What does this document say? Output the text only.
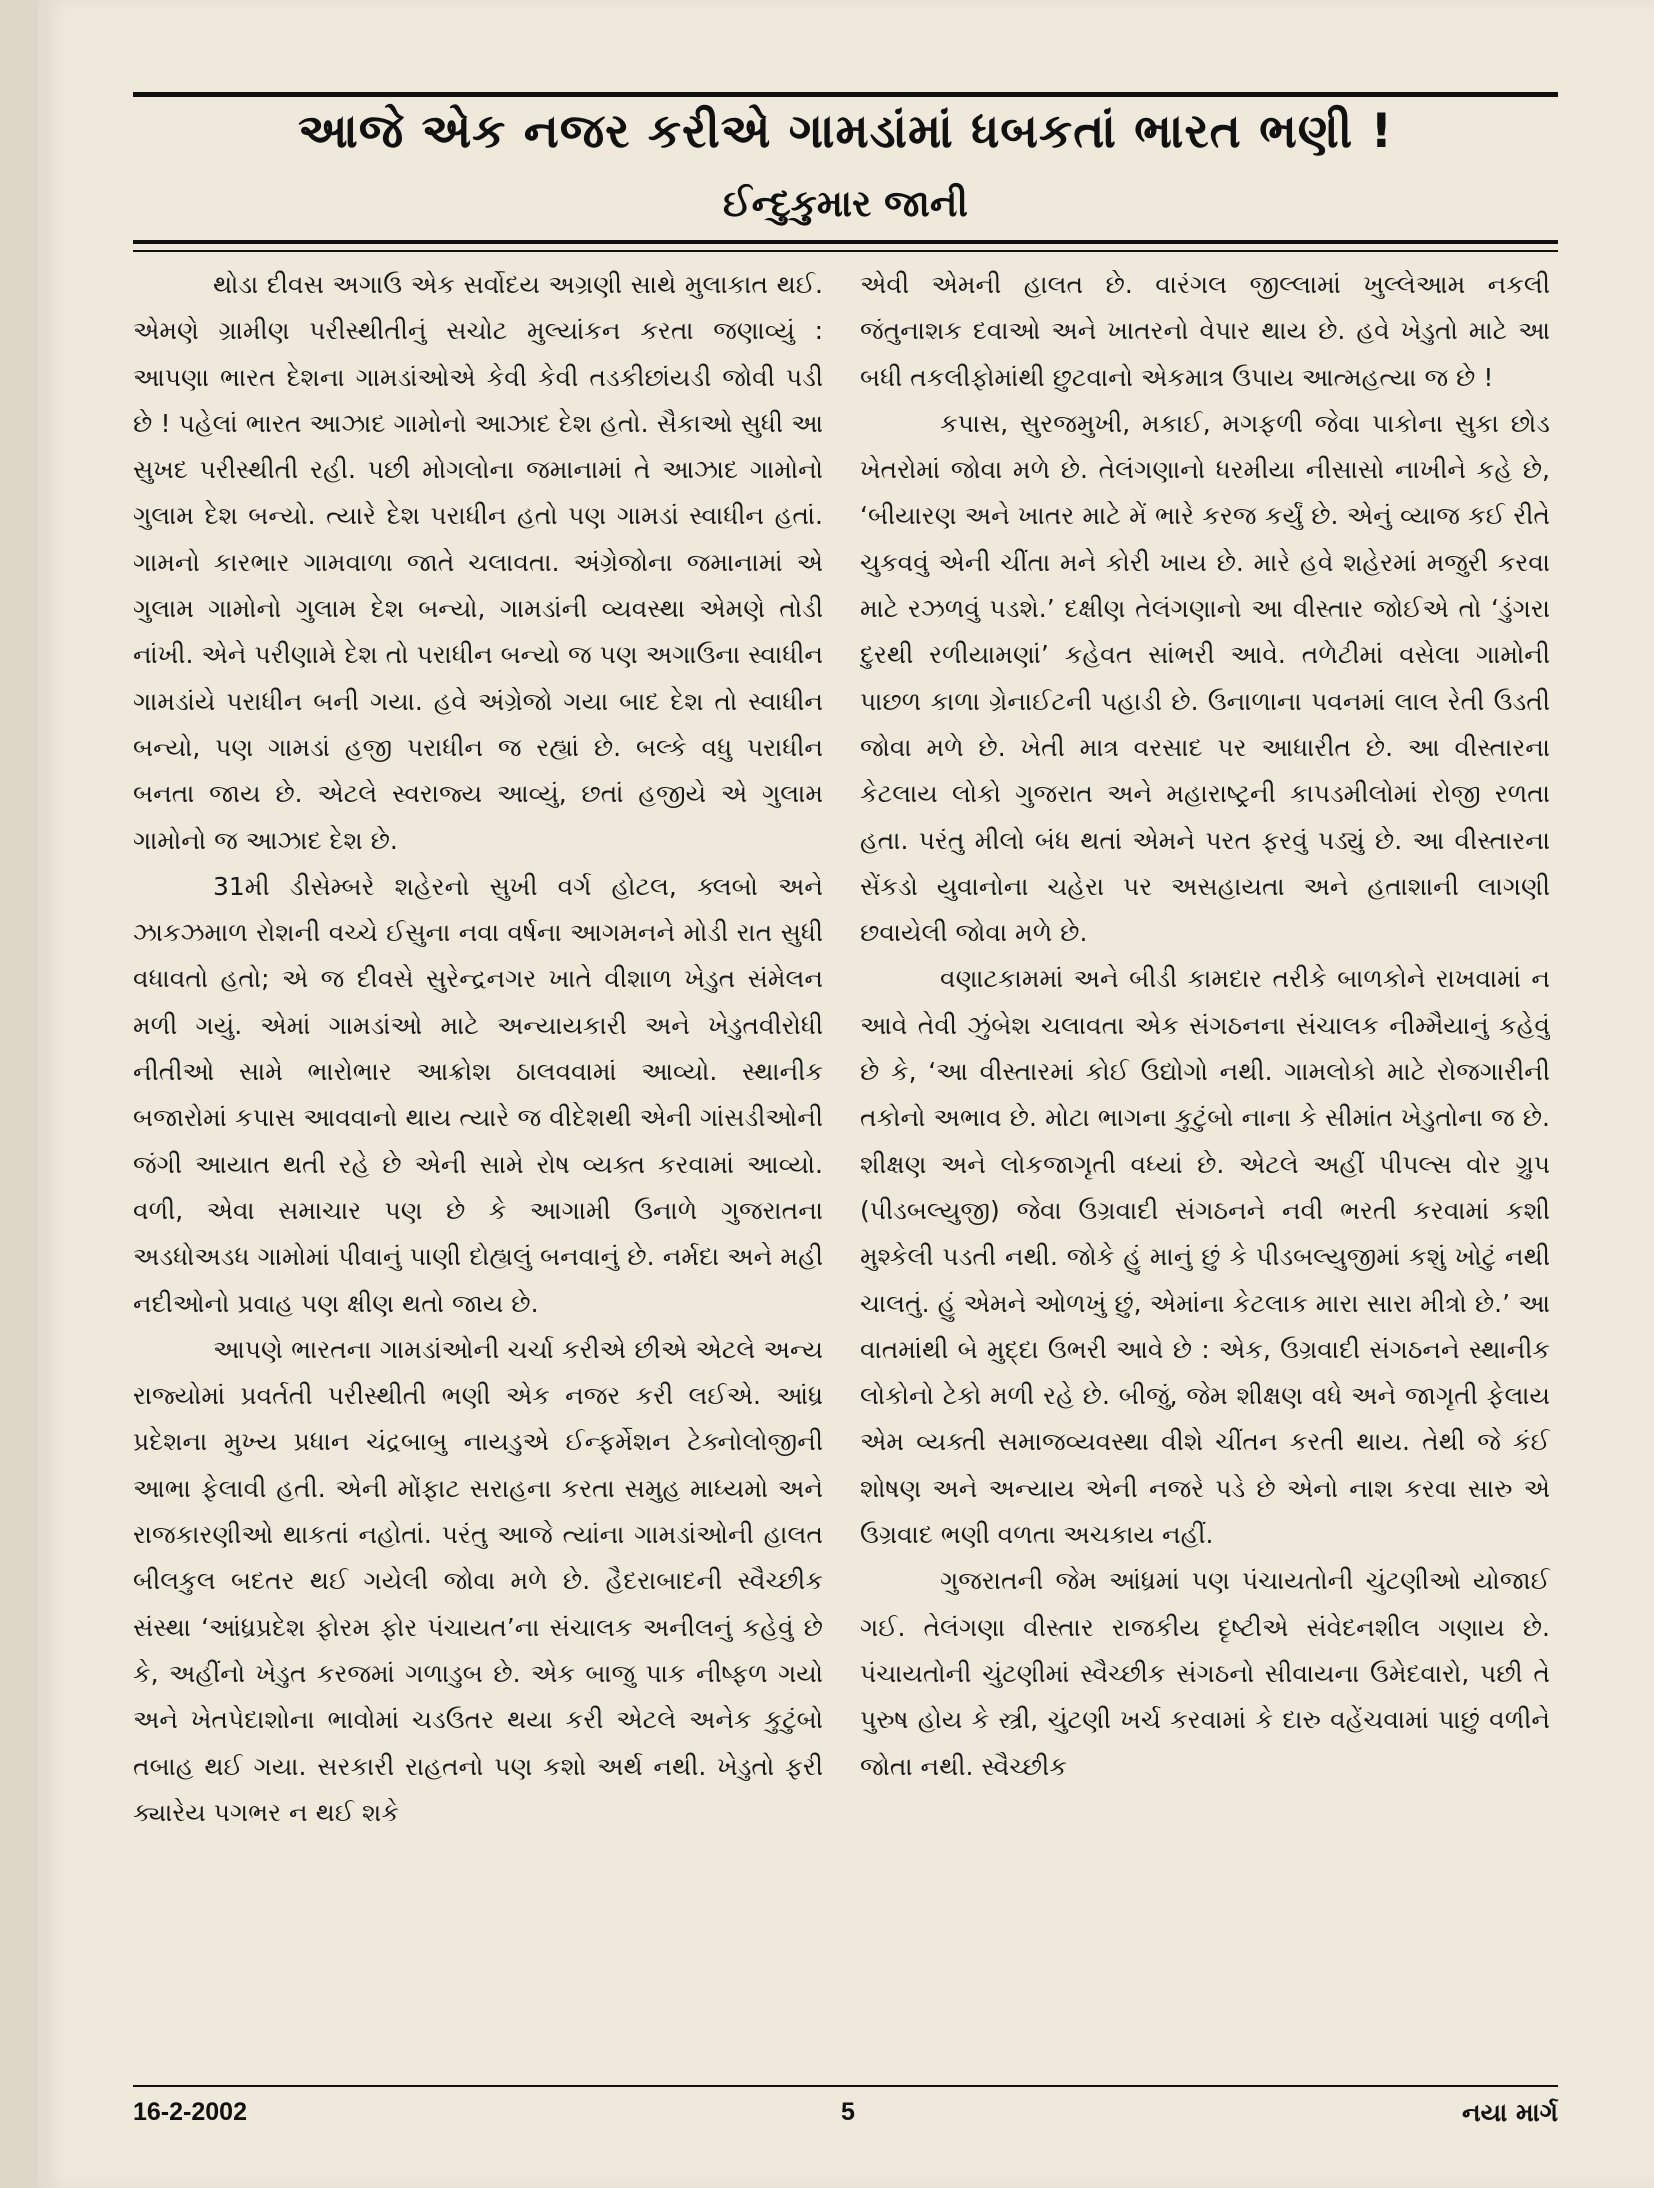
આજે એક નજર કરીએ ગામડાંમાં ધબકતાં ભારત ભણી !
ઈન્દુકુમાર જાની

થોડા દીવસ અગાઉ એક સર્વોદય અગ્રણી સાથે મુલાકાત થઈ. એમણે ગ્રામીણ પરીસ્થીતીનું સચોટ મુલ્યાંકન કરતા જણાવ્યું : આપણા ભારત દેશના ગામડાંઓએ કેવી કેવી તડકીછાંયડી જોવી પડી છે ! પહેલાં ભારત આઝાદ ગામોનો આઝાદ દેશ હતો. સૈકાઓ સુધી આ સુખદ પરીસ્થીતી રહી. પછી મોગલોના જમાનામાં તે આઝાદ ગામોનો ગુલામ દેશ બન્યો. ત્યારે દેશ પરાધીન હતો પણ ગામડાં સ્વાધીન હતાં. ગામનો કારભાર ગામવાળા જાતે ચલાવતા. અંગ્રેજોના જમાનામાં એ ગુલામ ગામોનો ગુલામ દેશ બન્યો, ગામડાંની વ્યવસ્થા એમણે તોડી નાંખી. એને પરીણામે દેશ તો પરાધીન બન્યો જ પણ અગાઉના સ્વાધીન ગામડાંયે પરાધીન બની ગયા. હવે અંગ્રેજો ગયા બાદ દેશ તો સ્વાધીન બન્યો, પણ ગામડાં હજી પરાધીન જ રહ્યાં છે. બલ્કે વધુ પરાધીન બનતા જાય છે. એટલે સ્વરાજ્ય આવ્યું, છતાં હજીયે એ ગુલામ ગામોનો જ આઝાદ દેશ છે.

31મી ડીસેમ્બરે શહેરનો સુખી વર્ગ હોટલ, ક્લબો અને ઝાકઝમાળ રોશની વચ્ચે ઈસુના નવા વર્ષના આગમનને મોડી રાત સુધી વધાવતો હતો; એ જ દીવસે સુરેન્દ્રનગર ખાતે વીશાળ ખેડુત સંમેલન મળી ગયું. એમાં ગામડાંઓ માટે અન્યાયકારી અને ખેડુતવીરોધી નીતીઓ સામે ભારોભાર આક્રોશ ઠાલવવામાં આવ્યો. સ્થાનીક બજારોમાં કપાસ આવવાનો થાય ત્યારે જ વીદેશથી એની ગાંસડીઓની જંગી આયાત થતી રહે છે એની સામે રોષ વ્યક્ત કરવામાં આવ્યો. વળી, એવા સમાચાર પણ છે કે આગામી ઉનાળે ગુજરાતના અડધોઅડધ ગામોમાં પીવાનું પાણી દોહ્યલું બનવાનું છે. નર્મદા અને મહી નદીઓનો પ્રવાહ પણ ક્ષીણ થતો જાય છે.

આપણે ભારતના ગામડાંઓની ચર્ચા કરીએ છીએ એટલે અન્ય રાજ્યોમાં પ્રવર્તતી પરીસ્થીતી ભણી એક નજર કરી લઈએ. આંધ્ર પ્રદેશના મુખ્ય પ્રધાન ચંદ્રબાબુ નાયડુએ ઈન્ફર્મેશન ટેક્નોલોજીની આભા ફેલાવી હતી. એની મોંફાટ સરાહના કરતા સમુહ માધ્યમો અને રાજકારણીઓ થાકતાં નહોતાં. પરંતુ આજે ત્યાંના ગામડાંઓની હાલત બીલકુલ બદતર થઈ ગયેલી જોવા મળે છે. હૈદરાબાદની સ્વૈચ્છીક સંસ્થા ‘આંધ્રપ્રદેશ ફોરમ ફોર પંચાયત’ના સંચાલક અનીલનું કહેવું છે કે, અહીંનો ખેડુત કરજમાં ગળાડુબ છે. એક બાજુ પાક નીષ્ફળ ગયો અને ખેતપેદાશોના ભાવોમાં ચડઉતર થયા કરી એટલે અનેક કુટુંબો તબાહ થઈ ગયા. સરકારી રાહતનો પણ કશો અર્થ નથી. ખેડુતો ફરી ક્યારેય પગભર ન થઈ શકે

એવી એમની હાલત છે. વારંગલ જીલ્લામાં ખુલ્લેઆમ નકલી જંતુનાશક દવાઓ અને ખાતરનો વેપાર થાય છે. હવે ખેડુતો માટે આ બધી તકલીફોમાંથી છુટવાનો એકમાત્ર ઉપાય આત્મહત્યા જ છે !

કપાસ, સુરજમુખી, મકાઈ, મગફળી જેવા પાકોના સુકા છોડ ખેતરોમાં જોવા મળે છે. તેલંગણાનો ધરમીયા નીસાસો નાખીને કહે છે, ‘બીયારણ અને ખાતર માટે મેં ભારે કરજ કર્યું છે. એનું વ્યાજ કઈ રીતે ચુકવવું એની ચીંતા મને કોરી ખાય છે. મારે હવે શહેરમાં મજુરી કરવા માટે રઝળવું પડશે.’ દક્ષીણ તેલંગણાનો આ વીસ્તાર જોઈએ તો ‘ડુંગરા દુરથી રળીયામણાં’ કહેવત સાંભરી આવે. તળેટીમાં વસેલા ગામોની પાછળ કાળા ગ્રેનાઈટની પહાડી છે. ઉનાળાના પવનમાં લાલ રેતી ઉડતી જોવા મળે છે. ખેતી માત્ર વરસાદ પર આધારીત છે. આ વીસ્તારના કેટલાય લોકો ગુજરાત અને મહારાષ્ટ્રની કાપડમીલોમાં રોજી રળતા હતા. પરંતુ મીલો બંધ થતાં એમને પરત ફરવું પડ્યું છે. આ વીસ્તારના સેંકડો યુવાનોના ચહેરા પર અસહાયતા અને હતાશાની લાગણી છવાયેલી જોવા મળે છે.

વણાટકામમાં અને બીડી કામદાર તરીકે બાળકોને રાખવામાં ન આવે તેવી ઝુંબેશ ચલાવતા એક સંગઠનના સંચાલક નીમ્મૈયાનું કહેવું છે કે, ‘આ વીસ્તારમાં કોઈ ઉદ્યોગો નથી. ગામલોકો માટે રોજગારીની તકોનો અભાવ છે. મોટા ભાગના કુટુંબો નાના કે સીમાંત ખેડુતોના જ છે. શીક્ષણ અને લોકજાગૃતી વધ્યાં છે. એટલે અહીં પીપલ્સ વોર ગ્રુપ (પીડબલ્યુજી) જેવા ઉગ્રવાદી સંગઠનને નવી ભરતી કરવામાં કશી મુશ્કેલી પડતી નથી. જોકે હું માનું છું કે પીડબલ્યુજીમાં કશું ખોટું નથી ચાલતું. હું એમને ઓળખું છું, એમાંના કેટલાક મારા સારા મીત્રો છે.’ આ વાતમાંથી બે મુદ્દા ઉભરી આવે છે : એક, ઉગ્રવાદી સંગઠનને સ્થાનીક લોકોનો ટેકો મળી રહે છે. બીજું, જેમ શીક્ષણ વધે અને જાગૃતી ફેલાય એમ વ્યક્તી સમાજવ્યવસ્થા વીશે ચીંતન કરતી થાય. તેથી જે કંઈ શોષણ અને અન્યાય એની નજરે પડે છે એનો નાશ કરવા સારુ એ ઉગ્રવાદ ભણી વળતા અચકાય નહીં.

ગુજરાતની જેમ આંધ્રમાં પણ પંચાયતોની ચુંટણીઓ યોજાઈ ગઈ. તેલંગણા વીસ્તાર રાજકીય દૃષ્ટીએ સંવેદનશીલ ગણાય છે. પંચાયતોની ચુંટણીમાં સ્વૈચ્છીક સંગઠનો સીવાયના ઉમેદવારો, પછી તે પુરુષ હોય કે સ્ત્રી, ચુંટણી ખર્ચ કરવામાં કે દારુ વહેંચવામાં પાછું વળીને જોતા નથી. સ્વૈચ્છીક

16-2-2002	5	નયા માર્ગ
